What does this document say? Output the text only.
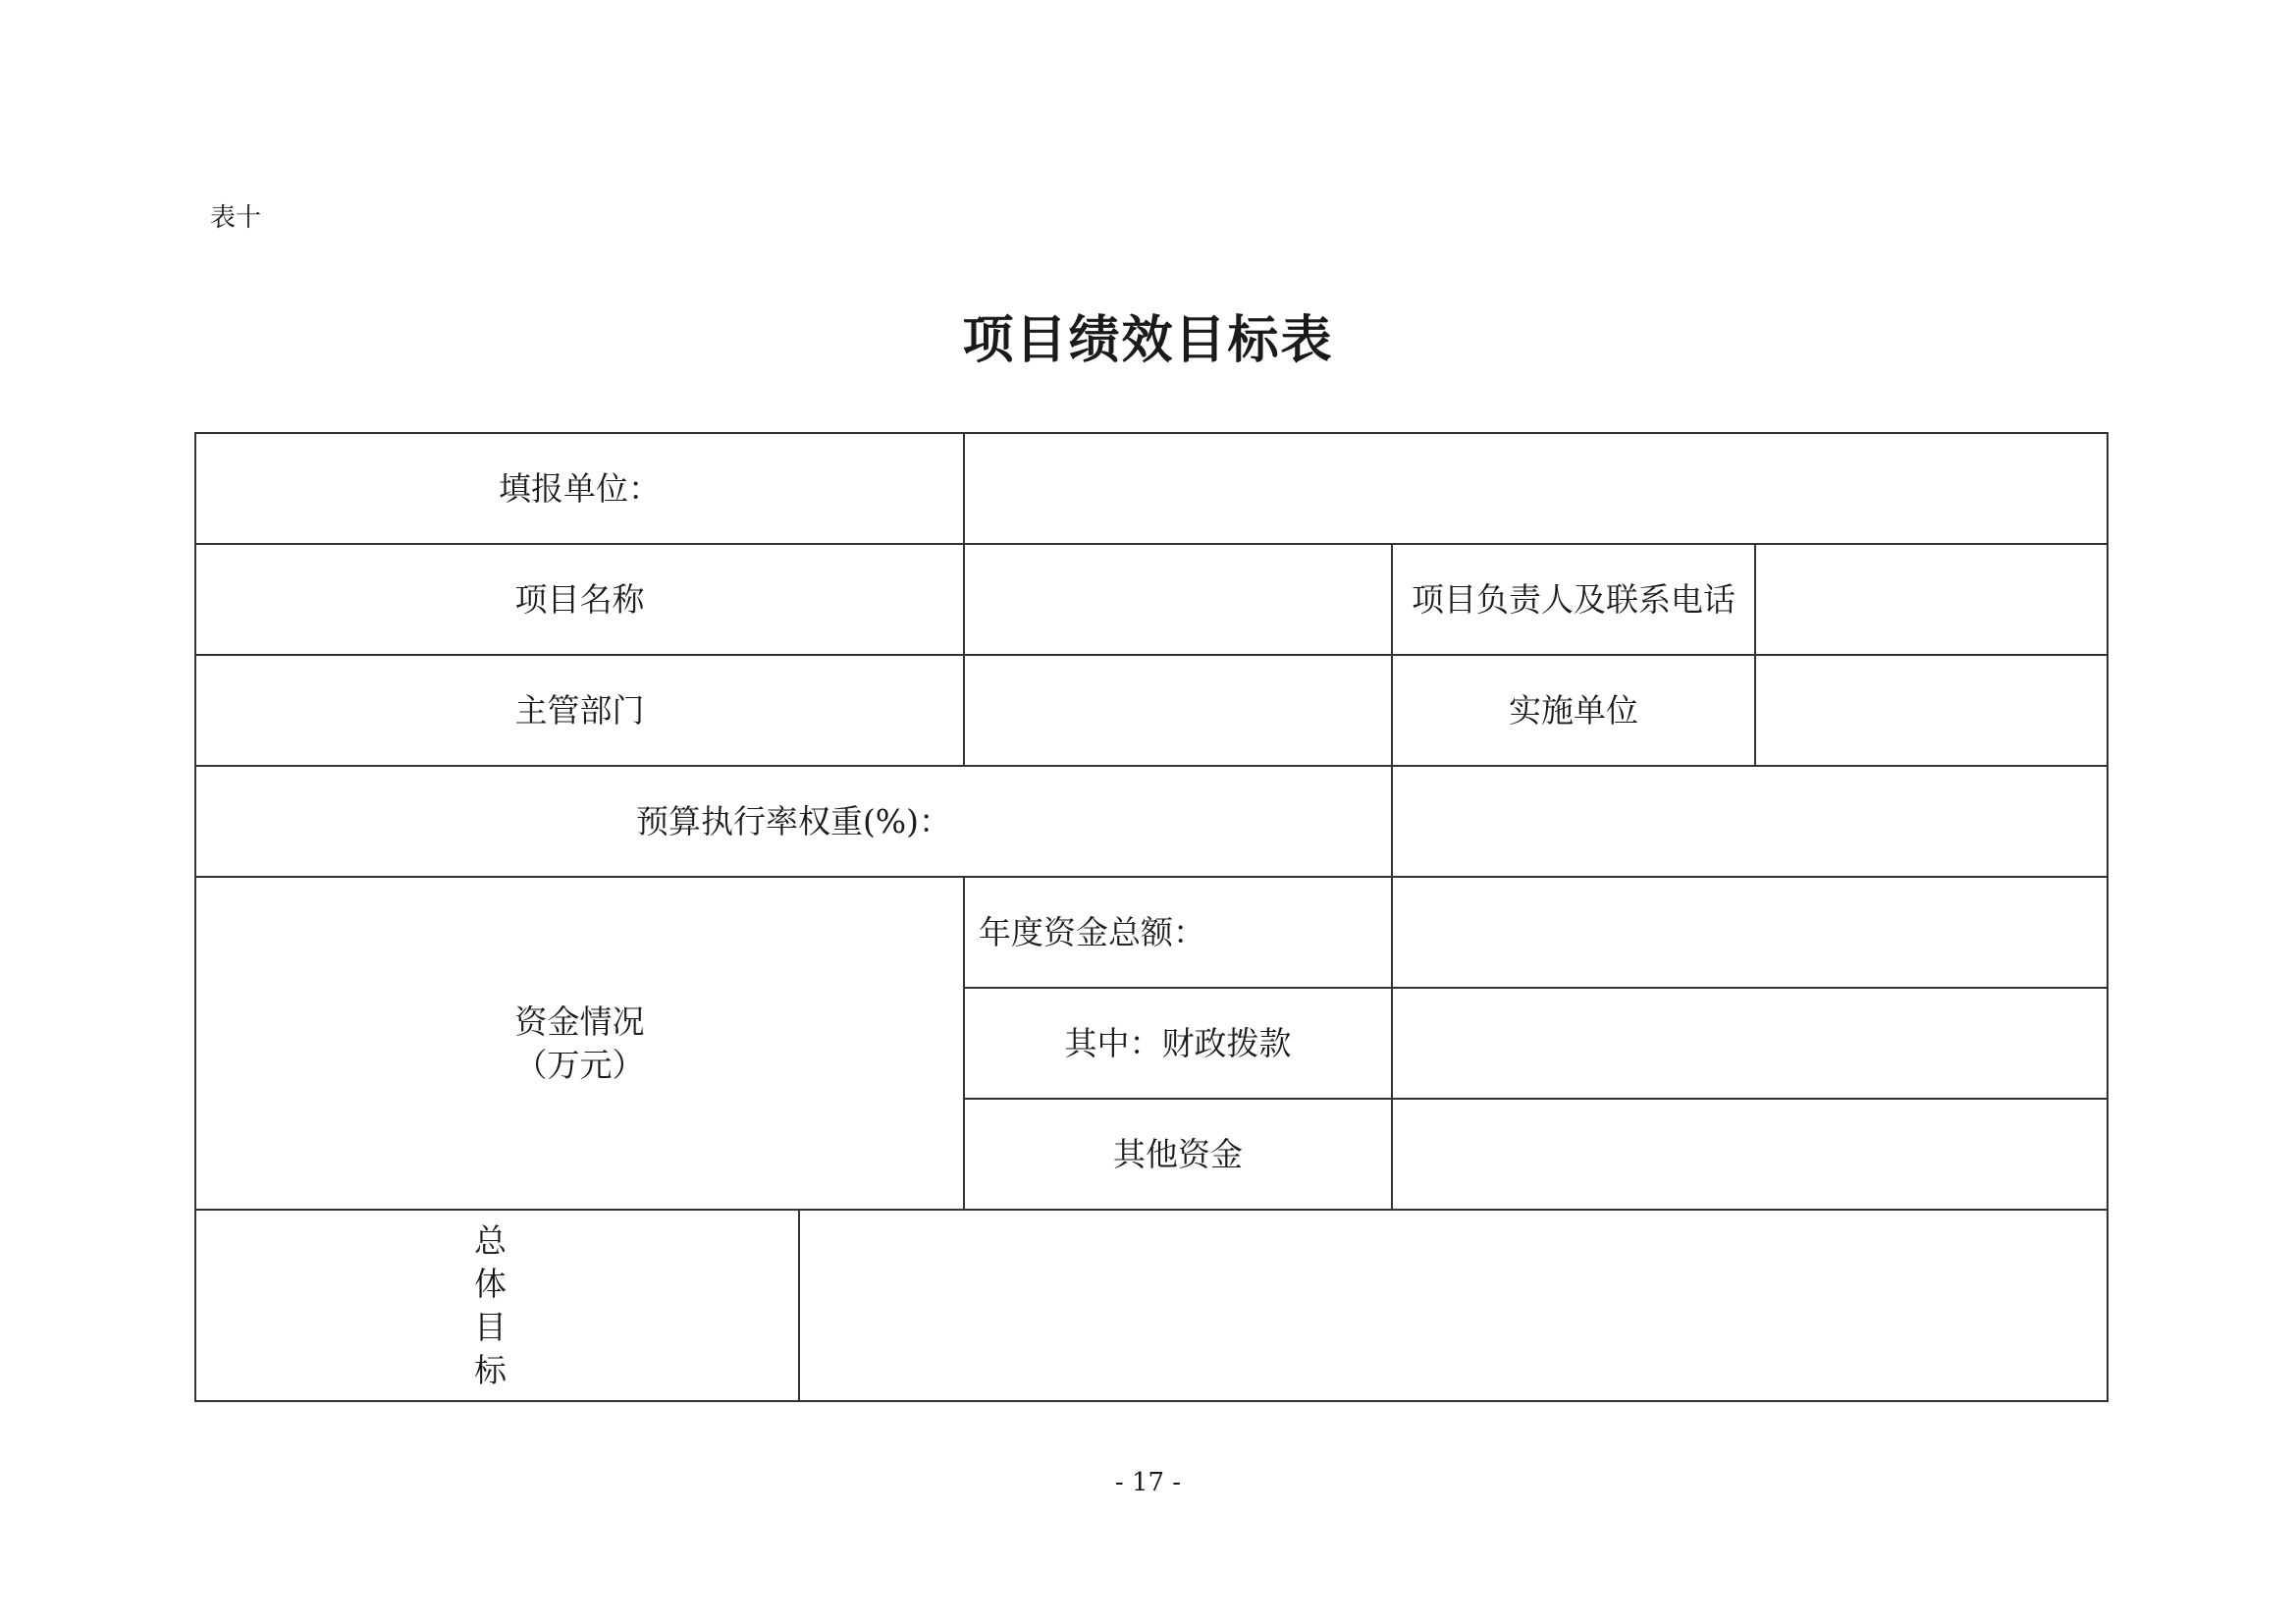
表十
项目绩效目标表
填报单位：				
项目名称			项目负责人及联系电话	
主管部门			实施单位	
预算执行率权重(%)：				

资金情况
（万元）		年度资金总额：		
		其中：财政拨款		
		其他资金		

总体目标				

- 17 -
